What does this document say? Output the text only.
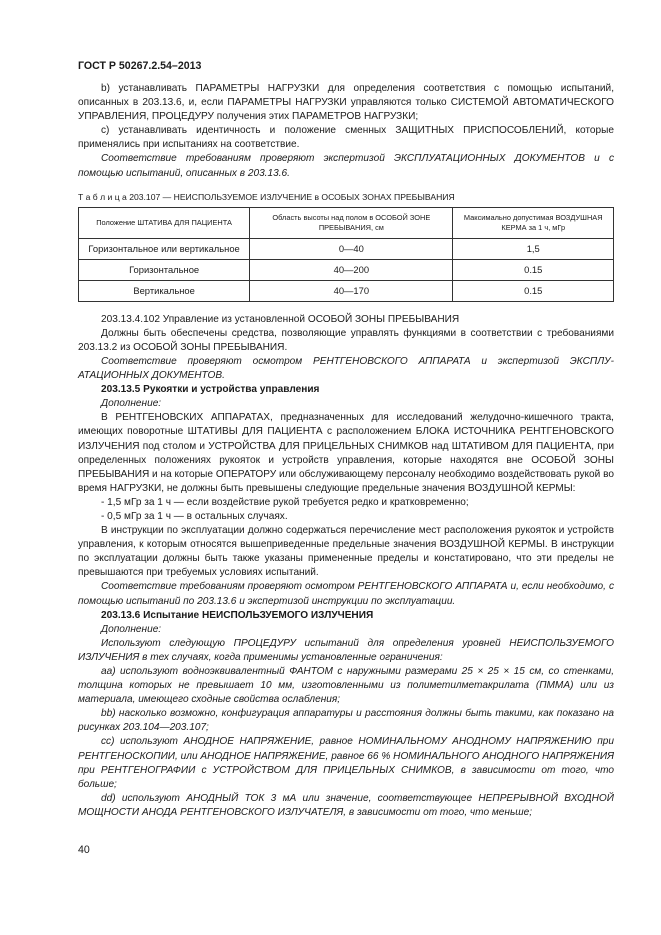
ГОСТ Р 50267.2.54–2013

b) устанавливать ПАРАМЕТРЫ НАГРУЗКИ для определения соответствия с помощью испытаний, описанных в 203.13.6, и, если ПАРАМЕТРЫ НАГРУЗКИ управляются только СИСТЕМОЙ АВТОМАТИЧЕСКОГО УПРАВЛЕНИЯ, ПРОЦЕДУРУ получения этих ПАРАМЕТРОВ НАГРУЗКИ;

с) устанавливать идентичность и положение сменных ЗАЩИТНЫХ ПРИСПОСОБЛЕНИЙ, которые применялись при испытаниях на соответствие.

Соответствие требованиям проверяют экспертизой ЭКСПЛУАТАЦИОННЫХ ДОКУМЕНТОВ и с помощью испытаний, описанных в 203.13.6.

Т а б л и ц а 203.107 — НЕИСПОЛЬЗУЕМОЕ ИЗЛУЧЕНИЕ в ОСОБЫХ ЗОНАХ ПРЕБЫВАНИЯ

Положение ШТАТИВА ДЛЯ ПАЦИЕНТА	Область высоты над полом в ОСОБОЙ ЗОНЕ ПРЕБЫВАНИЯ, см	Максимально допустимая ВОЗДУШНАЯ КЕРМА за 1 ч, мГр
Горизонтальное или вертикальное	0—40	1,5
Горизонтальное	40—200	0.15
Вертикальное	40—170	0.15

203.13.4.102 Управление из установленной ОСОБОЙ ЗОНЫ ПРЕБЫВАНИЯ

Должны быть обеспечены средства, позволяющие управлять функциями в соответствии с требованиями 203.13.2 из ОСОБОЙ ЗОНЫ ПРЕБЫВАНИЯ.

Соответствие проверяют осмотром РЕНТГЕНОВСКОГО АППАРАТА и экспертизой ЭКСПЛУАТАЦИОННЫХ ДОКУМЕНТОВ.

203.13.5 Рукоятки и устройства управления

Дополнение:

В РЕНТГЕНОВСКИХ АППАРАТАХ, предназначенных для исследований желудочно-кишечного тракта, имеющих поворотные ШТАТИВЫ ДЛЯ ПАЦИЕНТА с расположением БЛОКА ИСТОЧНИКА РЕНТГЕНОВСКОГО ИЗЛУЧЕНИЯ под столом и УСТРОЙСТВА ДЛЯ ПРИЦЕЛЬНЫХ СНИМКОВ над ШТАТИВОМ ДЛЯ ПАЦИЕНТА, при определенных положениях рукояток и устройств управления, которые находятся вне ОСОБОЙ ЗОНЫ ПРЕБЫВАНИЯ и на которые ОПЕРАТОРУ или обслуживающему персоналу необходимо воздействовать рукой во время НАГРУЗКИ, не должны быть превышены следующие предельные значения ВОЗДУШНОЙ КЕРМЫ:

- 1,5 мГр за 1 ч — если воздействие рукой требуется редко и кратковременно;

- 0,5 мГр за 1 ч — в остальных случаях.

В инструкции по эксплуатации должно содержаться перечисление мест расположения рукояток и устройств управления, к которым относятся вышеприведенные предельные значения ВОЗДУШНОЙ КЕРМЫ. В инструкции по эксплуатации должны быть также указаны примененные пределы и констатировано, что эти пределы не превышаются при требуемых условиях испытаний.

Соответствие требованиям проверяют осмотром РЕНТГЕНОВСКОГО АППАРАТА и, если необходимо, с помощью испытаний по 203.13.6 и экспертизой инструкции по эксплуатации.

203.13.6 Испытание НЕИСПОЛЬЗУЕМОГО ИЗЛУЧЕНИЯ

Дополнение:

Используют следующую ПРОЦЕДУРУ испытаний для определения уровней НЕИСПОЛЬЗУЕМОГО ИЗЛУЧЕНИЯ в тех случаях, когда применимы установленные ограничения:

аа) используют водноэквивалентный ФАНТОМ с наружными размерами 25 × 25 × 15 см, со стенками, толщина которых не превышает 10 мм, изготовленными из полиметилметакрилата (ПММА) или из материала, имеющего сходные свойства ослабления;

bb) насколько возможно, конфигурация аппаратуры и расстояния должны быть такими, как показано на рисунках 203.104—203.107;

сс) используют АНОДНОЕ НАПРЯЖЕНИЕ, равное НОМИНАЛЬНОМУ АНОДНОМУ НАПРЯЖЕНИЮ при РЕНТГЕНОСКОПИИ, или АНОДНОЕ НАПРЯЖЕНИЕ, равное 66 % НОМИНАЛЬНОГО АНОДНОГО НАПРЯЖЕНИЯ при РЕНТГЕНОГРАФИИ с УСТРОЙСТВОМ ДЛЯ ПРИЦЕЛЬНЫХ СНИМКОВ, в зависимости от того, что больше;

dd) используют АНОДНЫЙ ТОК 3 мА или значение, соответствующее НЕПРЕРЫВНОЙ ВХОДНОЙ МОЩНОСТИ АНОДА РЕНТГЕНОВСКОГО ИЗЛУЧАТЕЛЯ, в зависимости от того, что меньше;

40
